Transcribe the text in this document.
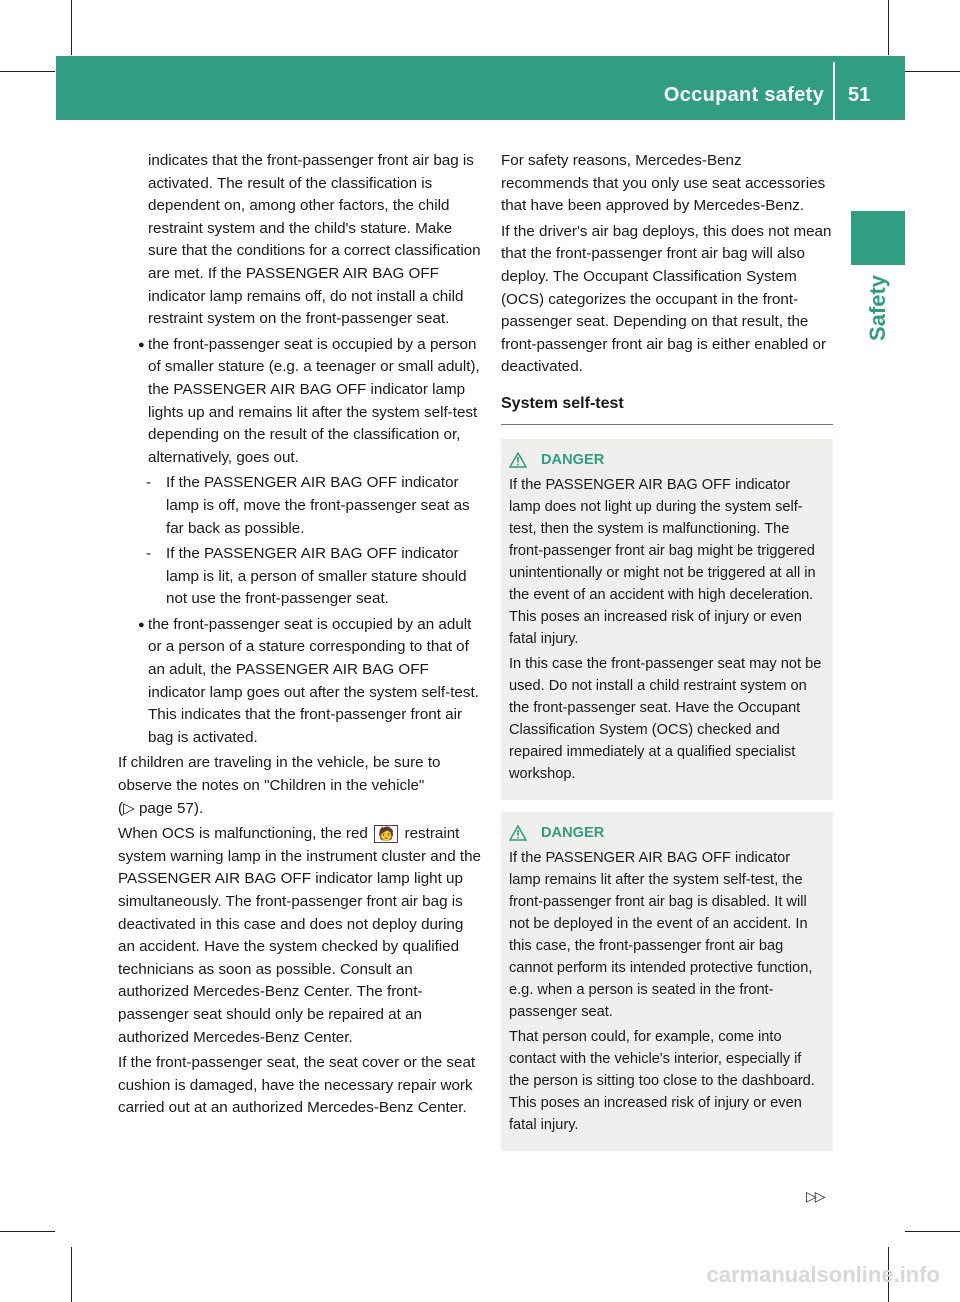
Occupant safety 51
Safety

indicates that the front-passenger front air bag is activated. The result of the classification is dependent on, among other factors, the child restraint system and the child's stature. Make sure that the conditions for a correct classification are met. If the PASSENGER AIR BAG OFF indicator lamp remains off, do not install a child restraint system on the front-passenger seat.

● the front-passenger seat is occupied by a person of smaller stature (e.g. a teenager or small adult), the PASSENGER AIR BAG OFF indicator lamp lights up and remains lit after the system self-test depending on the result of the classification or, alternatively, goes out.
- If the PASSENGER AIR BAG OFF indicator lamp is off, move the front-passenger seat as far back as possible.
- If the PASSENGER AIR BAG OFF indicator lamp is lit, a person of smaller stature should not use the front-passenger seat.
● the front-passenger seat is occupied by an adult or a person of a stature corresponding to that of an adult, the PASSENGER AIR BAG OFF indicator lamp goes out after the system self-test. This indicates that the front-passenger front air bag is activated.

If children are traveling in the vehicle, be sure to observe the notes on "Children in the vehicle" (▷ page 57).

When OCS is malfunctioning, the red 🧑 restraint system warning lamp in the instrument cluster and the PASSENGER AIR BAG OFF indicator lamp light up simultaneously. The front-passenger front air bag is deactivated in this case and does not deploy during an accident. Have the system checked by qualified technicians as soon as possible. Consult an authorized Mercedes-Benz Center. The front-passenger seat should only be repaired at an authorized Mercedes-Benz Center.

If the front-passenger seat, the seat cover or the seat cushion is damaged, have the necessary repair work carried out at an authorized Mercedes-Benz Center.

For safety reasons, Mercedes-Benz recommends that you only use seat accessories that have been approved by Mercedes-Benz.

If the driver's air bag deploys, this does not mean that the front-passenger front air bag will also deploy. The Occupant Classification System (OCS) categorizes the occupant in the front-passenger seat. Depending on that result, the front-passenger front air bag is either enabled or deactivated.

System self-test
DANGER

If the PASSENGER AIR BAG OFF indicator lamp does not light up during the system self-test, then the system is malfunctioning. The front-passenger front air bag might be triggered unintentionally or might not be triggered at all in the event of an accident with high deceleration. This poses an increased risk of injury or even fatal injury.

In this case the front-passenger seat may not be used. Do not install a child restraint system on the front-passenger seat. Have the Occupant Classification System (OCS) checked and repaired immediately at a qualified specialist workshop.

DANGER

If the PASSENGER AIR BAG OFF indicator lamp remains lit after the system self-test, the front-passenger front air bag is disabled. It will not be deployed in the event of an accident. In this case, the front-passenger front air bag cannot perform its intended protective function, e.g. when a person is seated in the front-passenger seat.

That person could, for example, come into contact with the vehicle's interior, especially if the person is sitting too close to the dashboard. This poses an increased risk of injury or even fatal injury.

▷▷
carmanualsonline.info
